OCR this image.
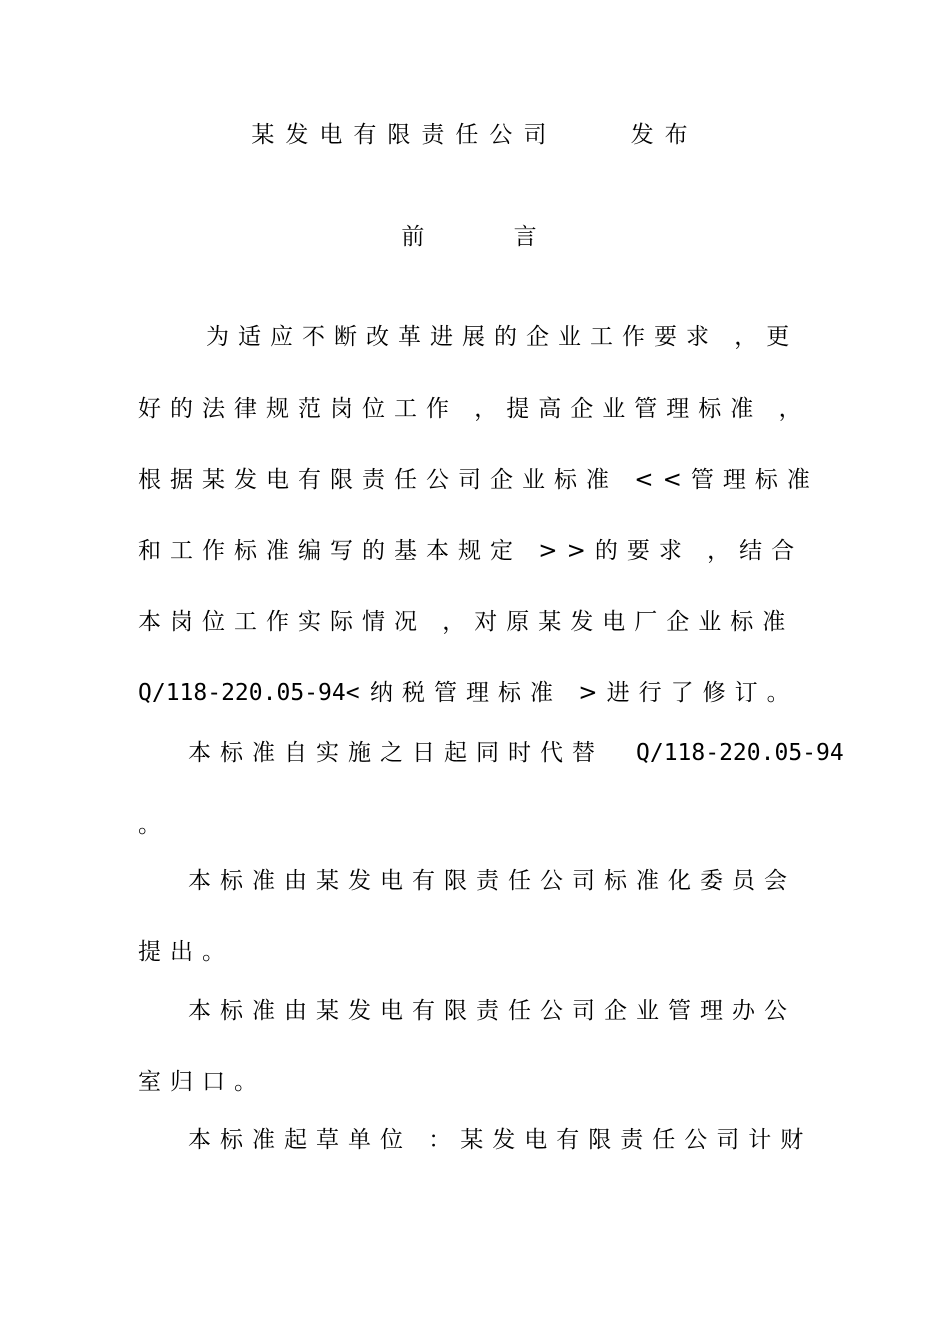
某发电有限责任公司    发布
前    言
为适应不断改革进展的企业工作要求 ，更
好的法律规范岗位工作 ，提高企业管理标准 ，
根据某发电有限责任公司企业标准 <<管理标准
和工作标准编写的基本规定 >>的要求 ，结合
本岗位工作实际情况 ，对原某发电厂企业标准
Q/118-220.05-94< 纳税管理标准 >进行了修订。
本标准自实施之日起同时代替 Q/118-220.05-94
。
本标准由某发电有限责任公司标准化委员会
提出。
本标准由某发电有限责任公司企业管理办公
室归口。
本标准起草单位 ：某发电有限责任公司计财
